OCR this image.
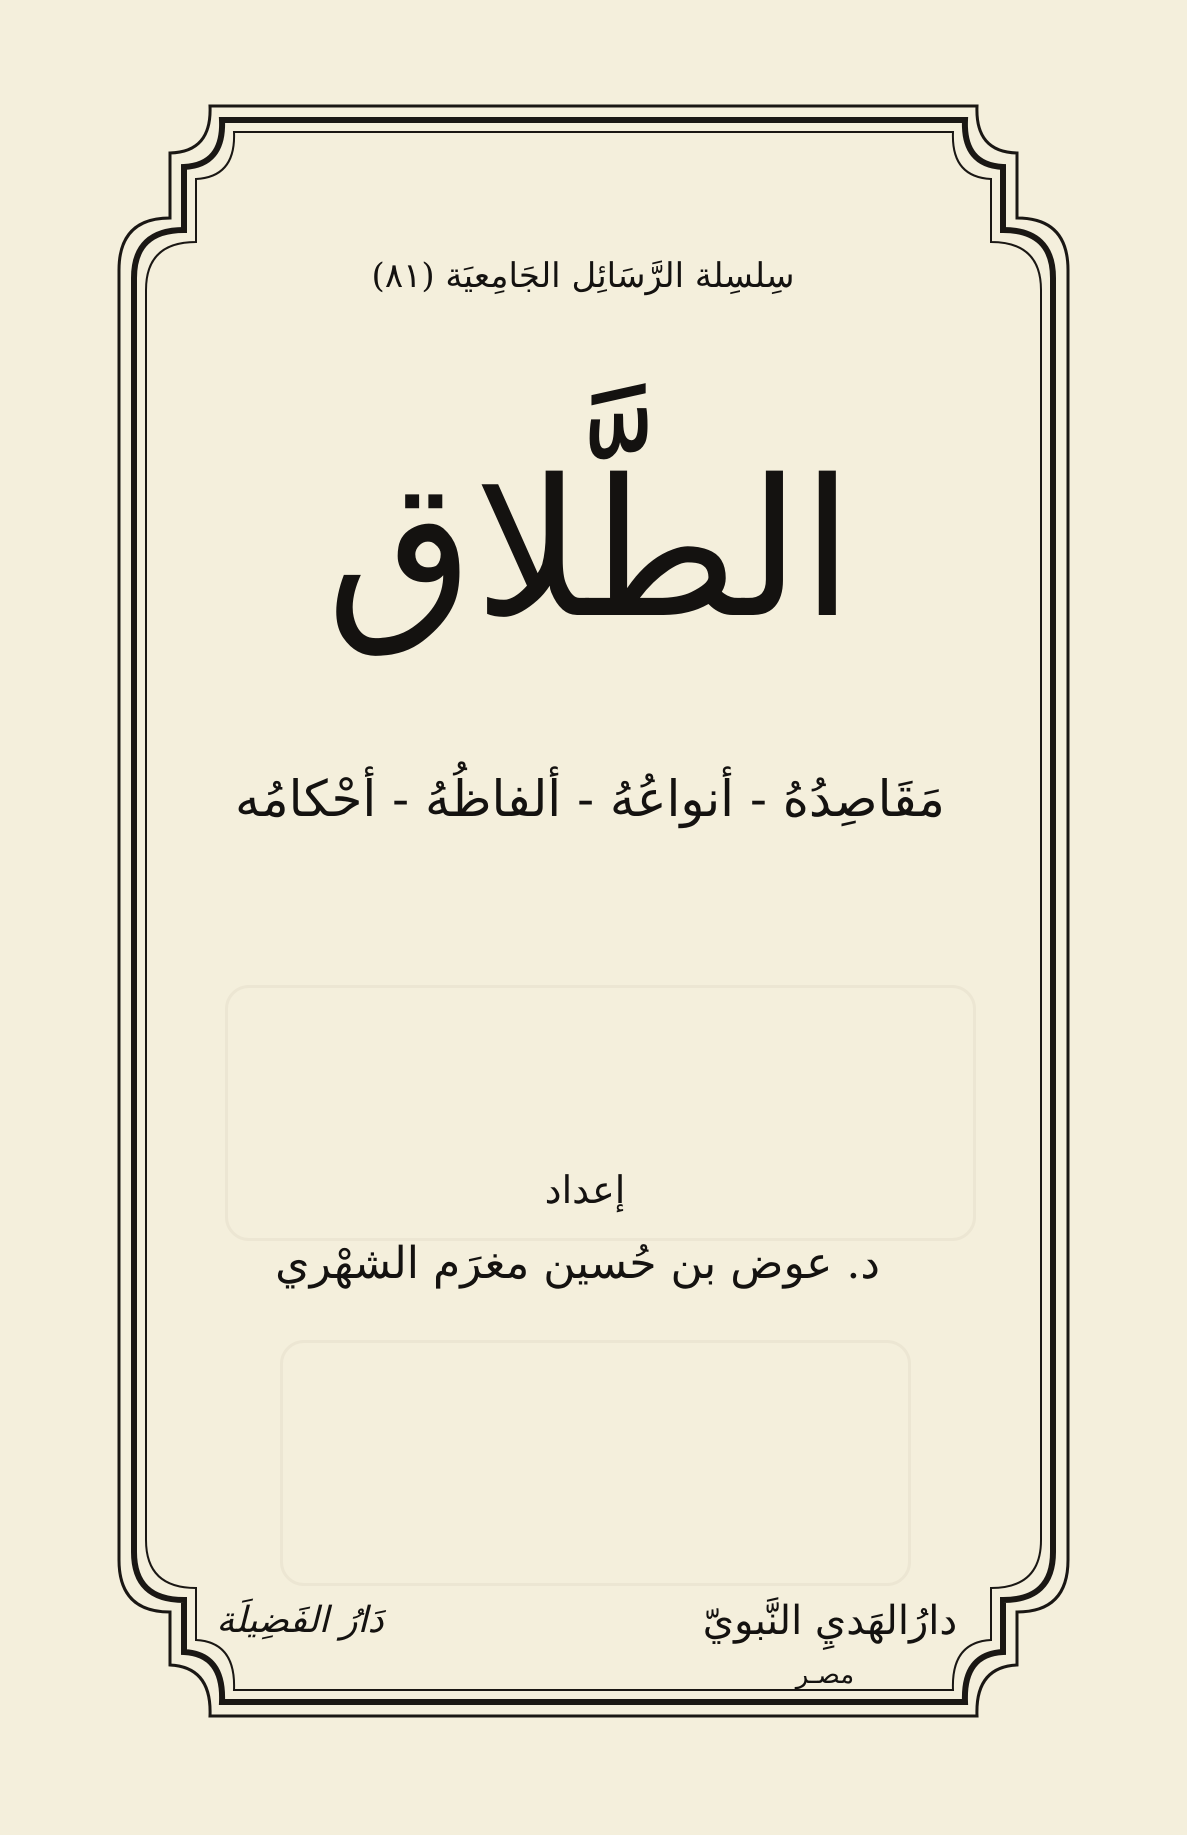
سِلسِلة الرَّسَائِل الجَامِعيَة (٨١)
الطَّلاق
مَقَاصِدُهُ - أنواعُهُ - ألفاظُهُ - أحْكامُه
إعداد
د. عوض بن حُسين مغرَم الشهْري
دَارُ الفَضِيلَة	دارُالهَديِ النَّبويّ
مصـر
